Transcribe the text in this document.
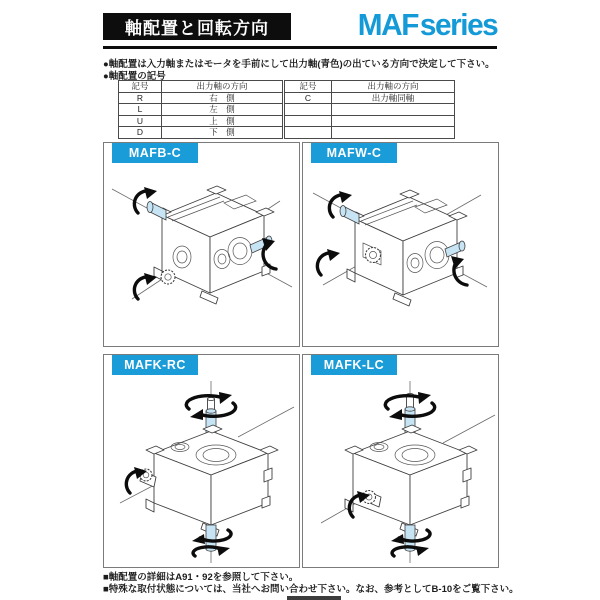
軸配置と回転方向	MAF series
●軸配置は入力軸またはモータを手前にして出力軸(青色)の出ている方向で決定して下さい。
●軸配置の記号
記号	出力軸の方向	記号	出力軸の方向
R	右　側	C	出力軸同軸
L	左　側		
U	上　側		
D	下　側		
MAFB-C	MAFW-C
MAFK-RC	MAFK-LC
■軸配置の詳細はA91・92を参照して下さい。
■特殊な取付状態については、当社へお問い合わせ下さい。なお、参考としてB-10をご覧下さい。
